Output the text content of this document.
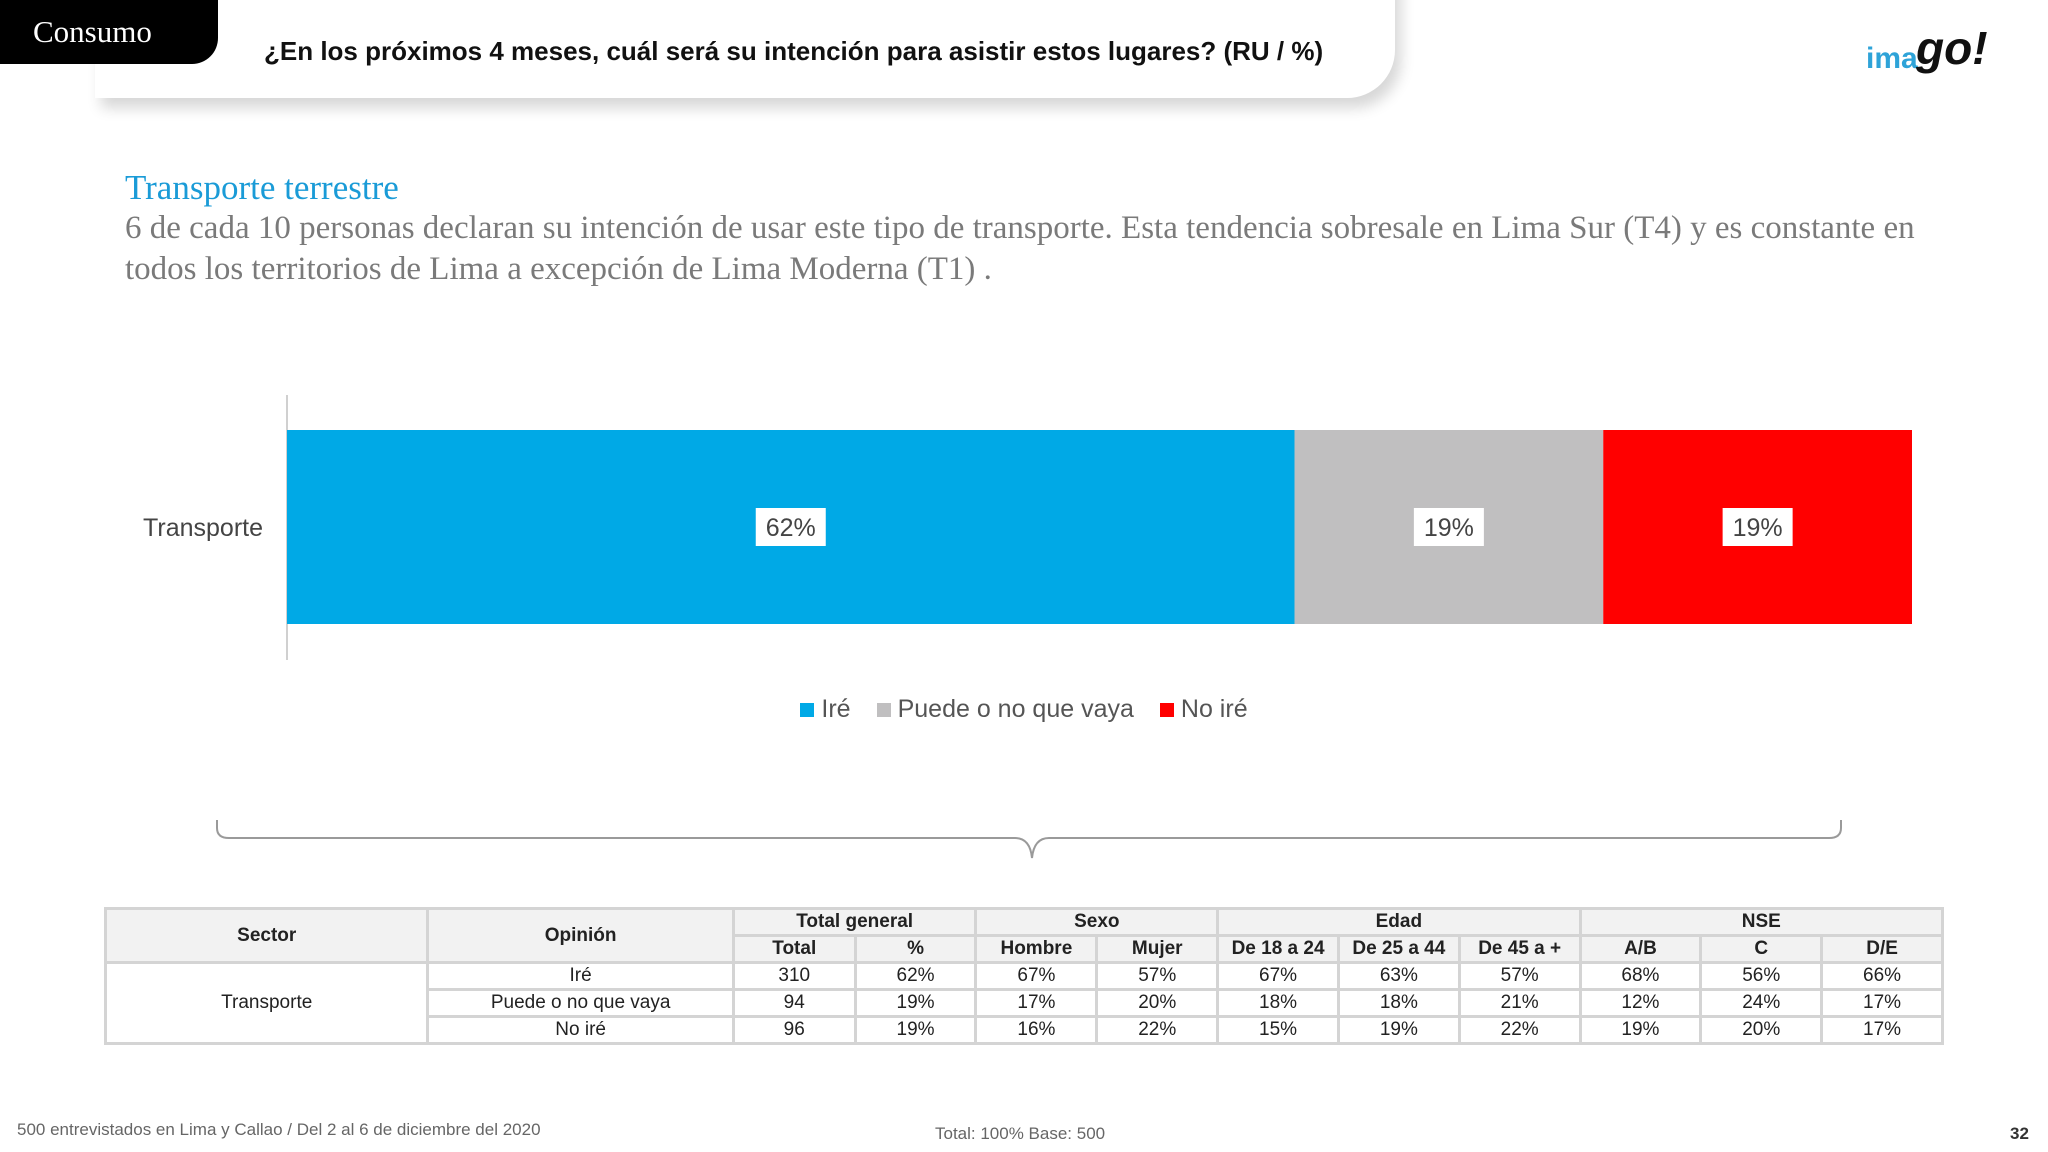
Consumo
¿En los próximos 4 meses, cuál será su intención para asistir estos lugares? (RU / %)	ima
go!
Transporte terrestre
6 de cada 10 personas declaran su intención de usar este tipo de transporte. Esta tendencia sobresale en Lima Sur (T4) y es constante en todos los territorios de Lima a excepción de Lima Moderna (T1) .
Transporte	62%	19%	19%
Iré Puede o no que vaya No iré
Sector	Opinión	Total general		Sexo		Edad			NSE		
		Total	%	Hombre	Mujer	De 18 a 24	De 25 a 44	De 45 a +	A/B	C	D/E
Transporte	Iré	310	62%	67%	57%	67%	63%	57%	68%	56%	66%
	Puede o no que vaya	94	19%	17%	20%	18%	18%	21%	12%	24%	17%
	No iré	96	19%	16%	22%	15%	19%	22%	19%	20%	17%
500 entrevistados en Lima y Callao / Del 2 al 6 de diciembre del 2020	Total: 100% Base: 500	32
